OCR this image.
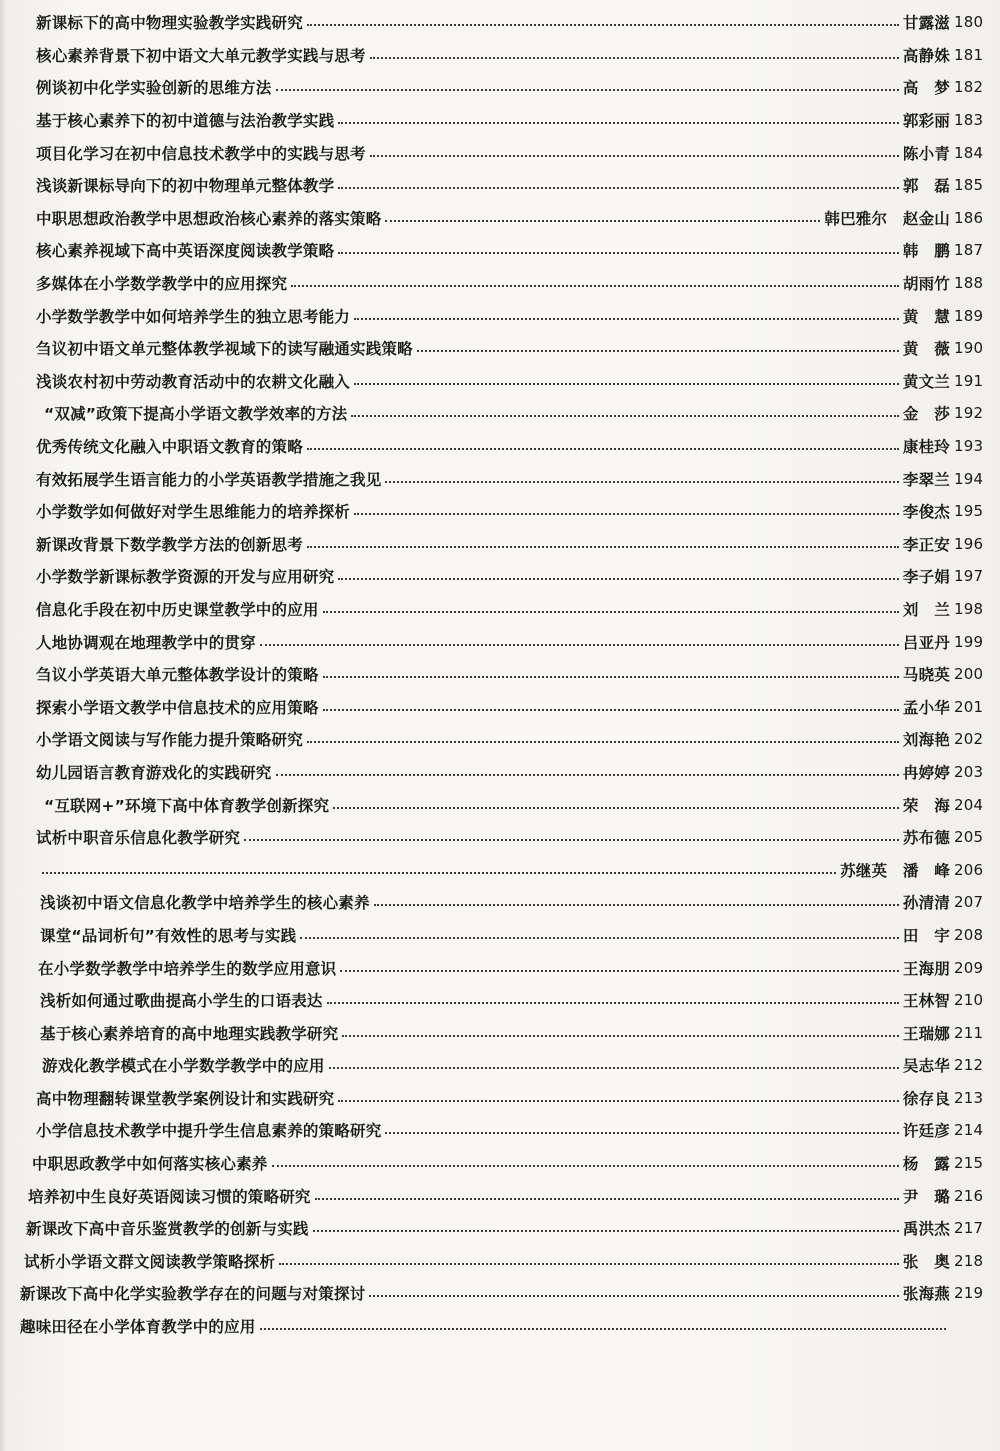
新课标下的高中物理实验教学实践研究	甘露滋 180
核心素养背景下初中语文大单元教学实践与思考	高静姝 181
例谈初中化学实验创新的思维方法	高　梦 182
基于核心素养下的初中道德与法治教学实践	郭彩丽 183
项目化学习在初中信息技术教学中的实践与思考	陈小青 184
浅谈新课标导向下的初中物理单元整体教学	郭　磊 185
中职思想政治教学中思想政治核心素养的落实策略	韩巴雅尔　赵金山 186
核心素养视域下高中英语深度阅读教学策略	韩　鹏 187
多媒体在小学数学教学中的应用探究	胡雨竹 188
小学数学教学中如何培养学生的独立思考能力	黄　慧 189
刍议初中语文单元整体教学视域下的读写融通实践策略	黄　薇 190
浅谈农村初中劳动教育活动中的农耕文化融入	黄文兰 191
“双减”政策下提高小学语文教学效率的方法	金　莎 192
优秀传统文化融入中职语文教育的策略	康桂玲 193
有效拓展学生语言能力的小学英语教学措施之我见	李翠兰 194
小学数学如何做好对学生思维能力的培养探析	李俊杰 195
新课改背景下数学教学方法的创新思考	李正安 196
小学数学新课标教学资源的开发与应用研究	李子娟 197
信息化手段在初中历史课堂教学中的应用	刘　兰 198
人地协调观在地理教学中的贯穿	吕亚丹 199
刍议小学英语大单元整体教学设计的策略	马晓英 200
探索小学语文教学中信息技术的应用策略	孟小华 201
小学语文阅读与写作能力提升策略研究	刘海艳 202
幼儿园语言教育游戏化的实践研究	冉婷婷 203
“互联网+”环境下高中体育教学创新探究	荣　海 204
试析中职音乐信息化教学研究	苏布德 205
苏继英　潘　峰 206
浅谈初中语文信息化教学中培养学生的核心素养	孙清清 207
课堂“品词析句”有效性的思考与实践	田　宇 208
在小学数学教学中培养学生的数学应用意识	王海朋 209
浅析如何通过歌曲提高小学生的口语表达	王林智 210
基于核心素养培育的高中地理实践教学研究	王瑞娜 211
游戏化教学模式在小学数学教学中的应用	吴志华 212
高中物理翻转课堂教学案例设计和实践研究	徐存良 213
小学信息技术教学中提升学生信息素养的策略研究	许廷彦 214
中职思政教学中如何落实核心素养	杨　露 215
培养初中生良好英语阅读习惯的策略研究	尹　璐 216
新课改下高中音乐鉴赏教学的创新与实践	禹洪杰 217
试析小学语文群文阅读教学策略探析	张　奥 218
新课改下高中化学实验教学存在的问题与对策探讨	张海燕 219
趣味田径在小学体育教学中的应用
